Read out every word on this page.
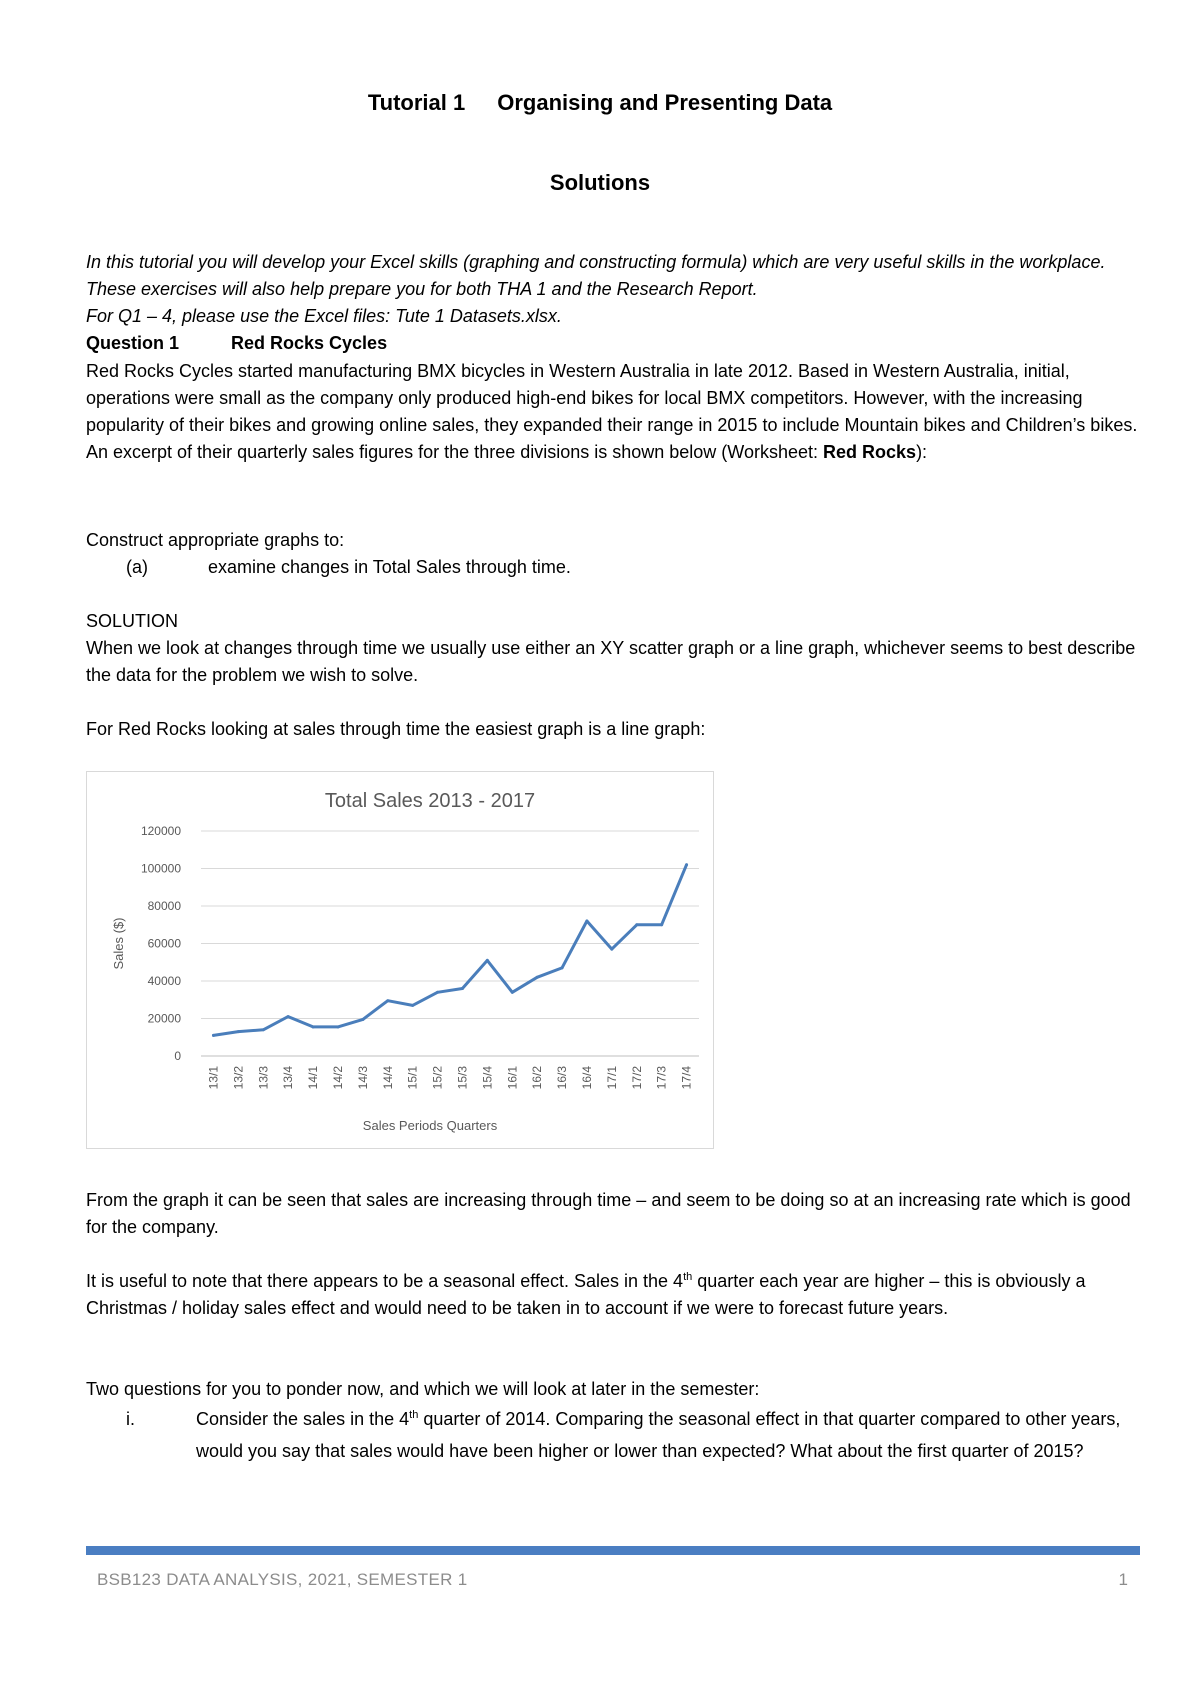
Tutorial 1 Organising and Presenting Data
Solutions
In this tutorial you will develop your Excel skills (graphing and constructing formula) which are very useful skills in the workplace. These exercises will also help prepare you for both THA 1 and the Research Report.
For Q1 – 4, please use the Excel files: Tute 1 Datasets.xlsx.
Question 1	Red Rocks Cycles
Red Rocks Cycles started manufacturing BMX bicycles in Western Australia in late 2012. Based in Western Australia, initial, operations were small as the company only produced high-end bikes for local BMX competitors. However, with the increasing popularity of their bikes and growing online sales, they expanded their range in 2015 to include Mountain bikes and Children’s bikes. An excerpt of their quarterly sales figures for the three divisions is shown below (Worksheet: Red Rocks):
Construct appropriate graphs to:
(a)	examine changes in Total Sales through time.
SOLUTION
When we look at changes through time we usually use either an XY scatter graph or a line graph, whichever seems to best describe the data for the problem we wish to solve.
For Red Rocks looking at sales through time the easiest graph is a line graph:
Total Sales 2013 - 2017
0
20000
40000
60000
80000
100000
120000
Sales ($)
13/1 13/2 13/3 13/4 14/1 14/2 14/3 14/4 15/1 15/2 15/3 15/4 16/1 16/2 16/3 16/4 17/1 17/2 17/3 17/4
Sales Periods Quarters
From the graph it can be seen that sales are increasing through time – and seem to be doing so at an increasing rate which is good for the company.
It is useful to note that there appears to be a seasonal effect. Sales in the 4th quarter each year are higher – this is obviously a Christmas / holiday sales effect and would need to be taken in to account if we were to forecast future years.
Two questions for you to ponder now, and which we will look at later in the semester:
i.	Consider the sales in the 4th quarter of 2014. Comparing the seasonal effect in that quarter compared to other years, would you say that sales would have been higher or lower than expected? What about the first quarter of 2015?
BSB123 DATA ANALYSIS, 2021, SEMESTER 1	1
